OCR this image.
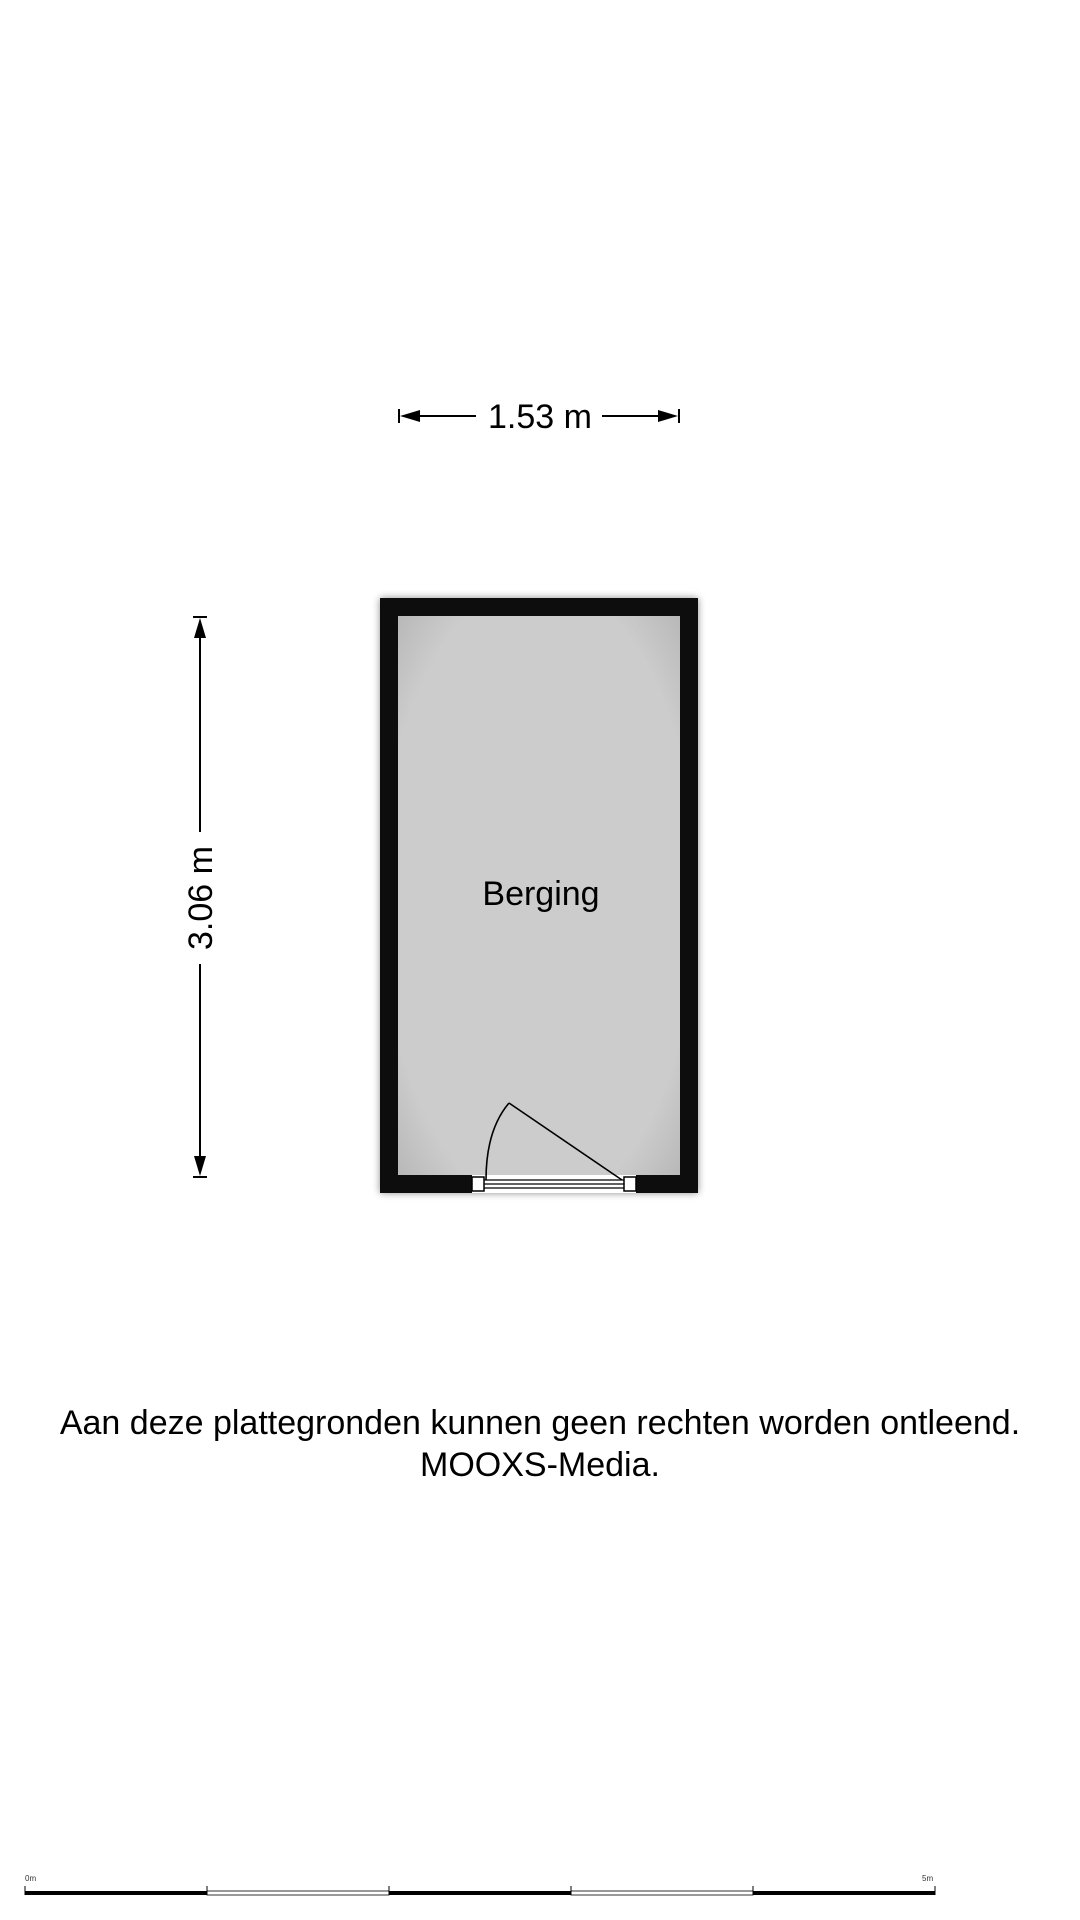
1.53 m
3.06 m	Berging
0m	5m
Aan deze plattegronden kunnen geen rechten worden ontleend.
MOOXS-Media.
